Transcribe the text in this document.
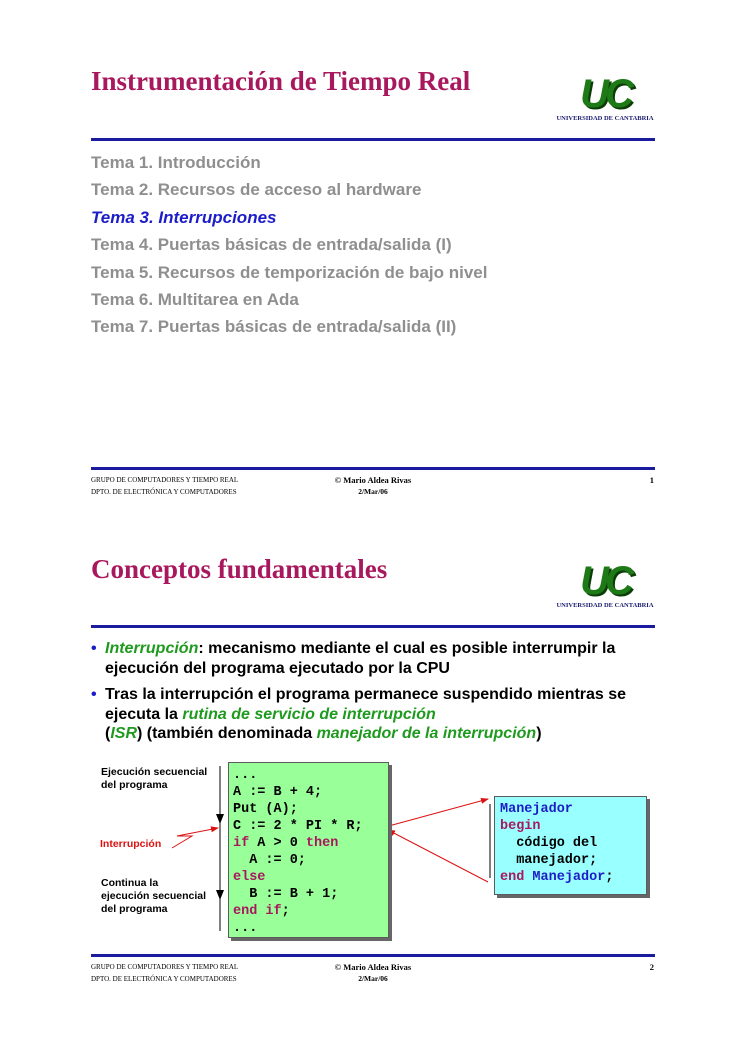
Instrumentación de Tiempo Real	UC
UNIVERSIDAD DE CANTABRIA
Tema 1. Introducción
Tema 2. Recursos de acceso al hardware
Tema 3. Interrupciones
Tema 4. Puertas básicas de entrada/salida (I)
Tema 5. Recursos de temporización de bajo nivel
Tema 6. Multitarea en Ada
Tema 7. Puertas básicas de entrada/salida (II)
GRUPO DE COMPUTADORES Y TIEMPO REAL
DPTO. DE ELECTRÓNICA Y COMPUTADORES
© Mario Aldea Rivas
2/Mar/06
1
Conceptos fundamentales	UC
UNIVERSIDAD DE CANTABRIA
• Interrupción: mecanismo mediante el cual es posible interrumpir la ejecución del programa ejecutado por la CPU
• Tras la interrupción el programa permanece suspendido mientras se ejecuta la rutina de servicio de interrupción
(ISR) (también denominada manejador de la interrupción)
Ejecución secuencial
del programa
Interrupción
Continua la
ejecución secuencial
del programa
...
A := B + 4;
Put (A);
C := 2 * PI * R;
if A > 0 then
A := 0;
else
B := B + 1;
end if;
...
Manejador
begin
código del
manejador;
end Manejador;
GRUPO DE COMPUTADORES Y TIEMPO REAL
DPTO. DE ELECTRÓNICA Y COMPUTADORES
© Mario Aldea Rivas
2/Mar/06
2
